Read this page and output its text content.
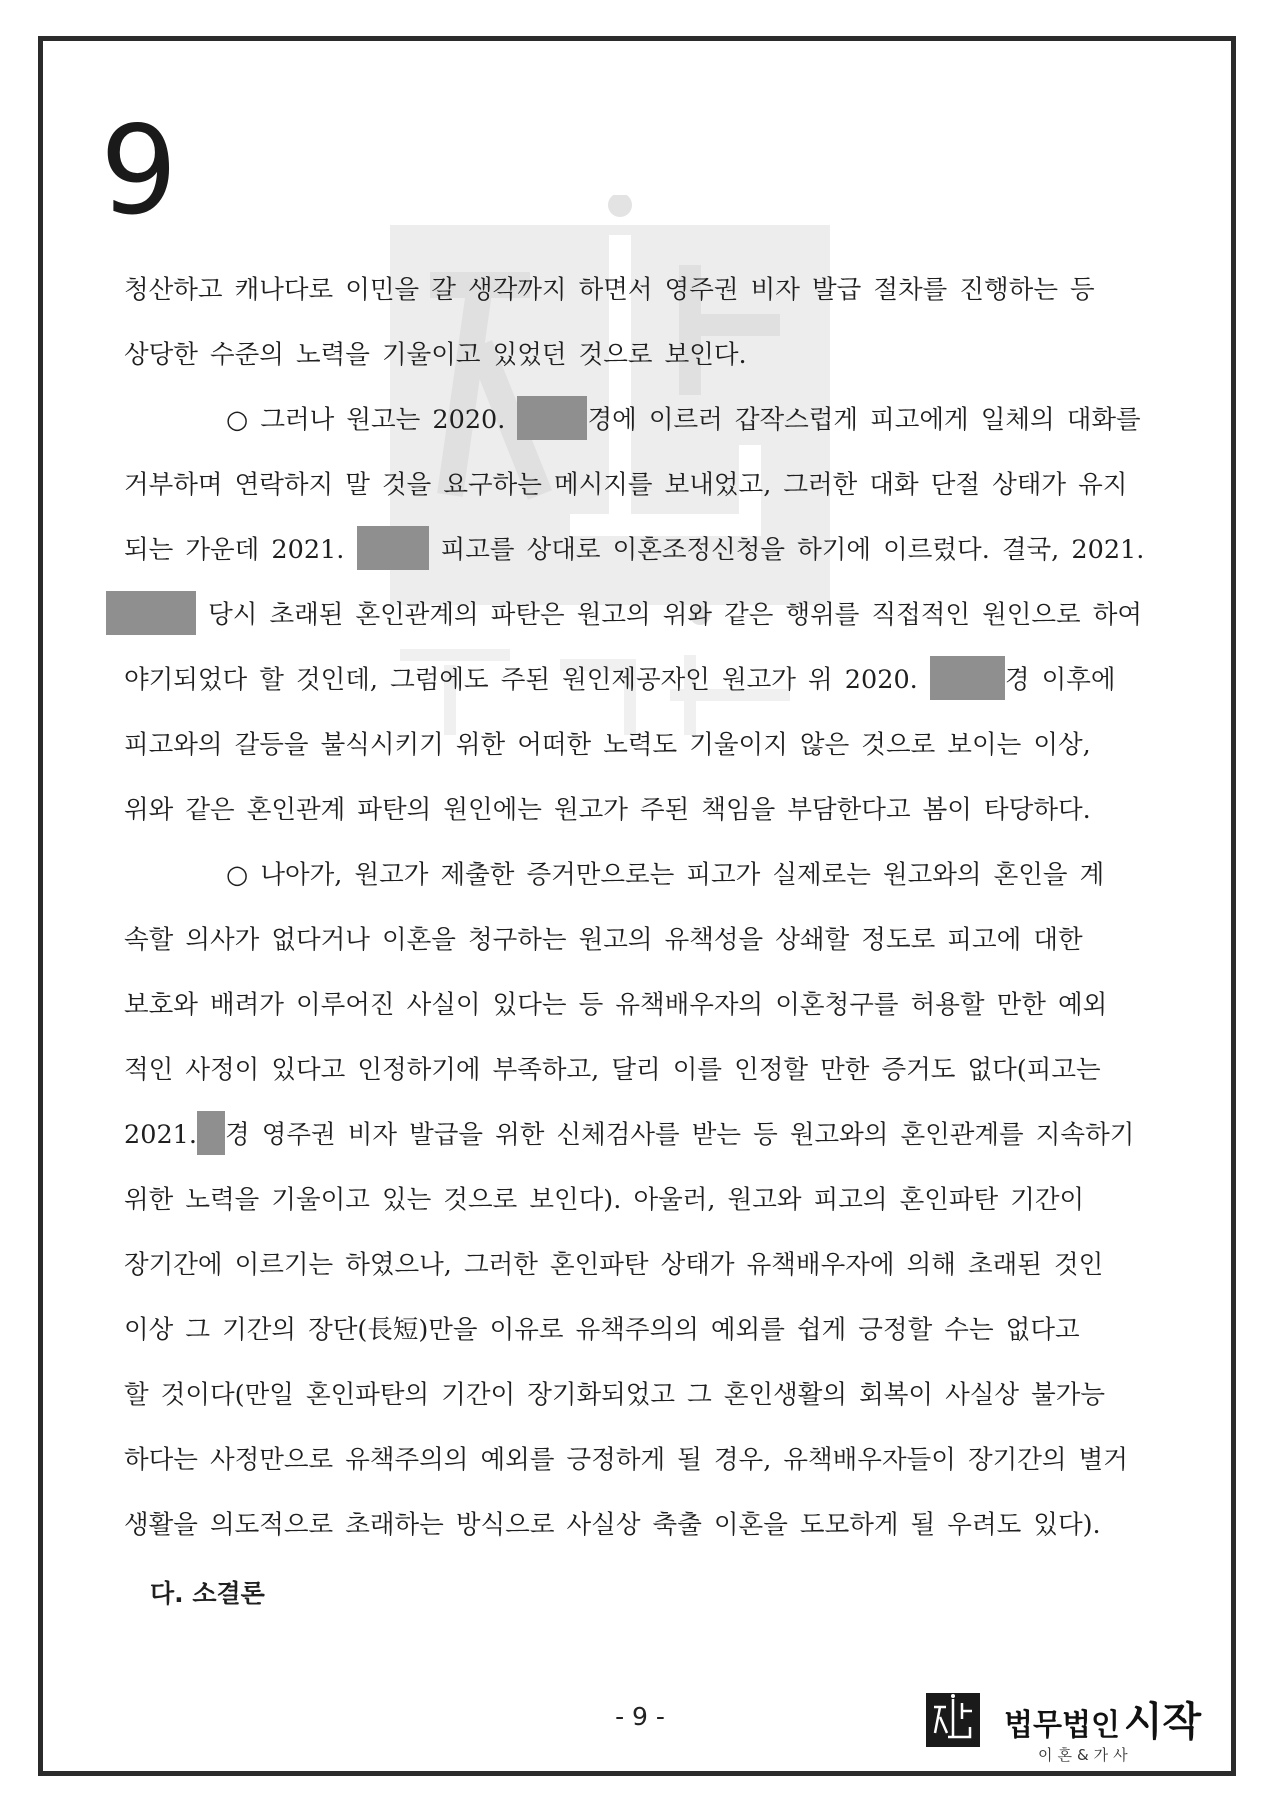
9

청산하고 캐나다로 이민을 갈 생각까지 하면서 영주권 비자 발급 절차를 진행하는 등

상당한 수준의 노력을 기울이고 있었던 것으로 보인다.

○ 그러나 원고는 2020.	경에 이르러 갑작스럽게 피고에게 일체의 대화를

거부하며 연락하지 말 것을 요구하는 메시지를 보내었고, 그러한 대화 단절 상태가 유지

되는 가운데 2021.	피고를 상대로 이혼조정신청을 하기에 이르렀다. 결국, 2021.

당시 초래된 혼인관계의 파탄은 원고의 위와 같은 행위를 직접적인 원인으로 하여

야기되었다 할 것인데, 그럼에도 주된 원인제공자인 원고가 위 2020.	경 이후에

피고와의 갈등을 불식시키기 위한 어떠한 노력도 기울이지 않은 것으로 보이는 이상,

위와 같은 혼인관계 파탄의 원인에는 원고가 주된 책임을 부담한다고 봄이 타당하다.

○ 나아가, 원고가 제출한 증거만으로는 피고가 실제로는 원고와의 혼인을 계

속할 의사가 없다거나 이혼을 청구하는 원고의 유책성을 상쇄할 정도로 피고에 대한

보호와 배려가 이루어진 사실이 있다는 등 유책배우자의 이혼청구를 허용할 만한 예외

적인 사정이 있다고 인정하기에 부족하고, 달리 이를 인정할 만한 증거도 없다(피고는

2021. 경 영주권 비자 발급을 위한 신체검사를 받는 등 원고와의 혼인관계를 지속하기

위한 노력을 기울이고 있는 것으로 보인다). 아울러, 원고와 피고의 혼인파탄 기간이

장기간에 이르기는 하였으나, 그러한 혼인파탄 상태가 유책배우자에 의해 초래된 것인

이상 그 기간의 장단(長短)만을 이유로 유책주의의 예외를 쉽게 긍정할 수는 없다고

할 것이다(만일 혼인파탄의 기간이 장기화되었고 그 혼인생활의 회복이 사실상 불가능

하다는 사정만으로 유책주의의 예외를 긍정하게 될 경우, 유책배우자들이 장기간의 별거

생활을 의도적으로 초래하는 방식으로 사실상 축출 이혼을 도모하게 될 우려도 있다).

다. 소결론
- 9 -	법무법인 시작
이혼&가사
